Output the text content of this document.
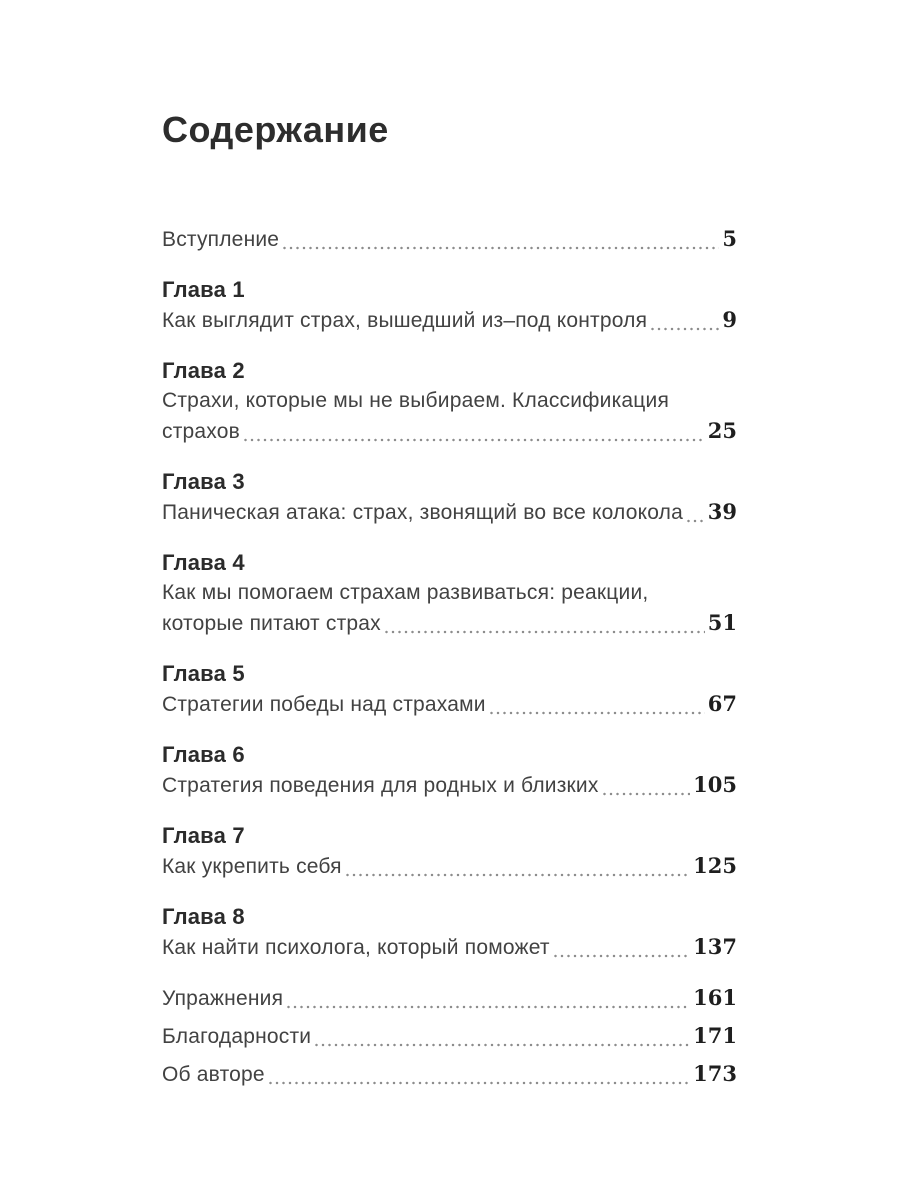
Содержание
Вступление	5
Глава 1
Как выглядит страх, вышедший из–под контроля	9
Глава 2
Страхи, которые мы не выбираем. Классификация
страхов	25
Глава 3
Паническая атака: страх, звонящий во все колокола 39
Глава 4
Как мы помогаем страхам развиваться: реакции,
которые питают страх	51
Глава 5
Стратегии победы над страхами	67
Глава 6
Стратегия поведения для родных и близких	105
Глава 7
Как укрепить себя	125
Глава 8
Как найти психолога, который поможет	137
Упражнения	161
Благодарности	171
Об авторе	173
